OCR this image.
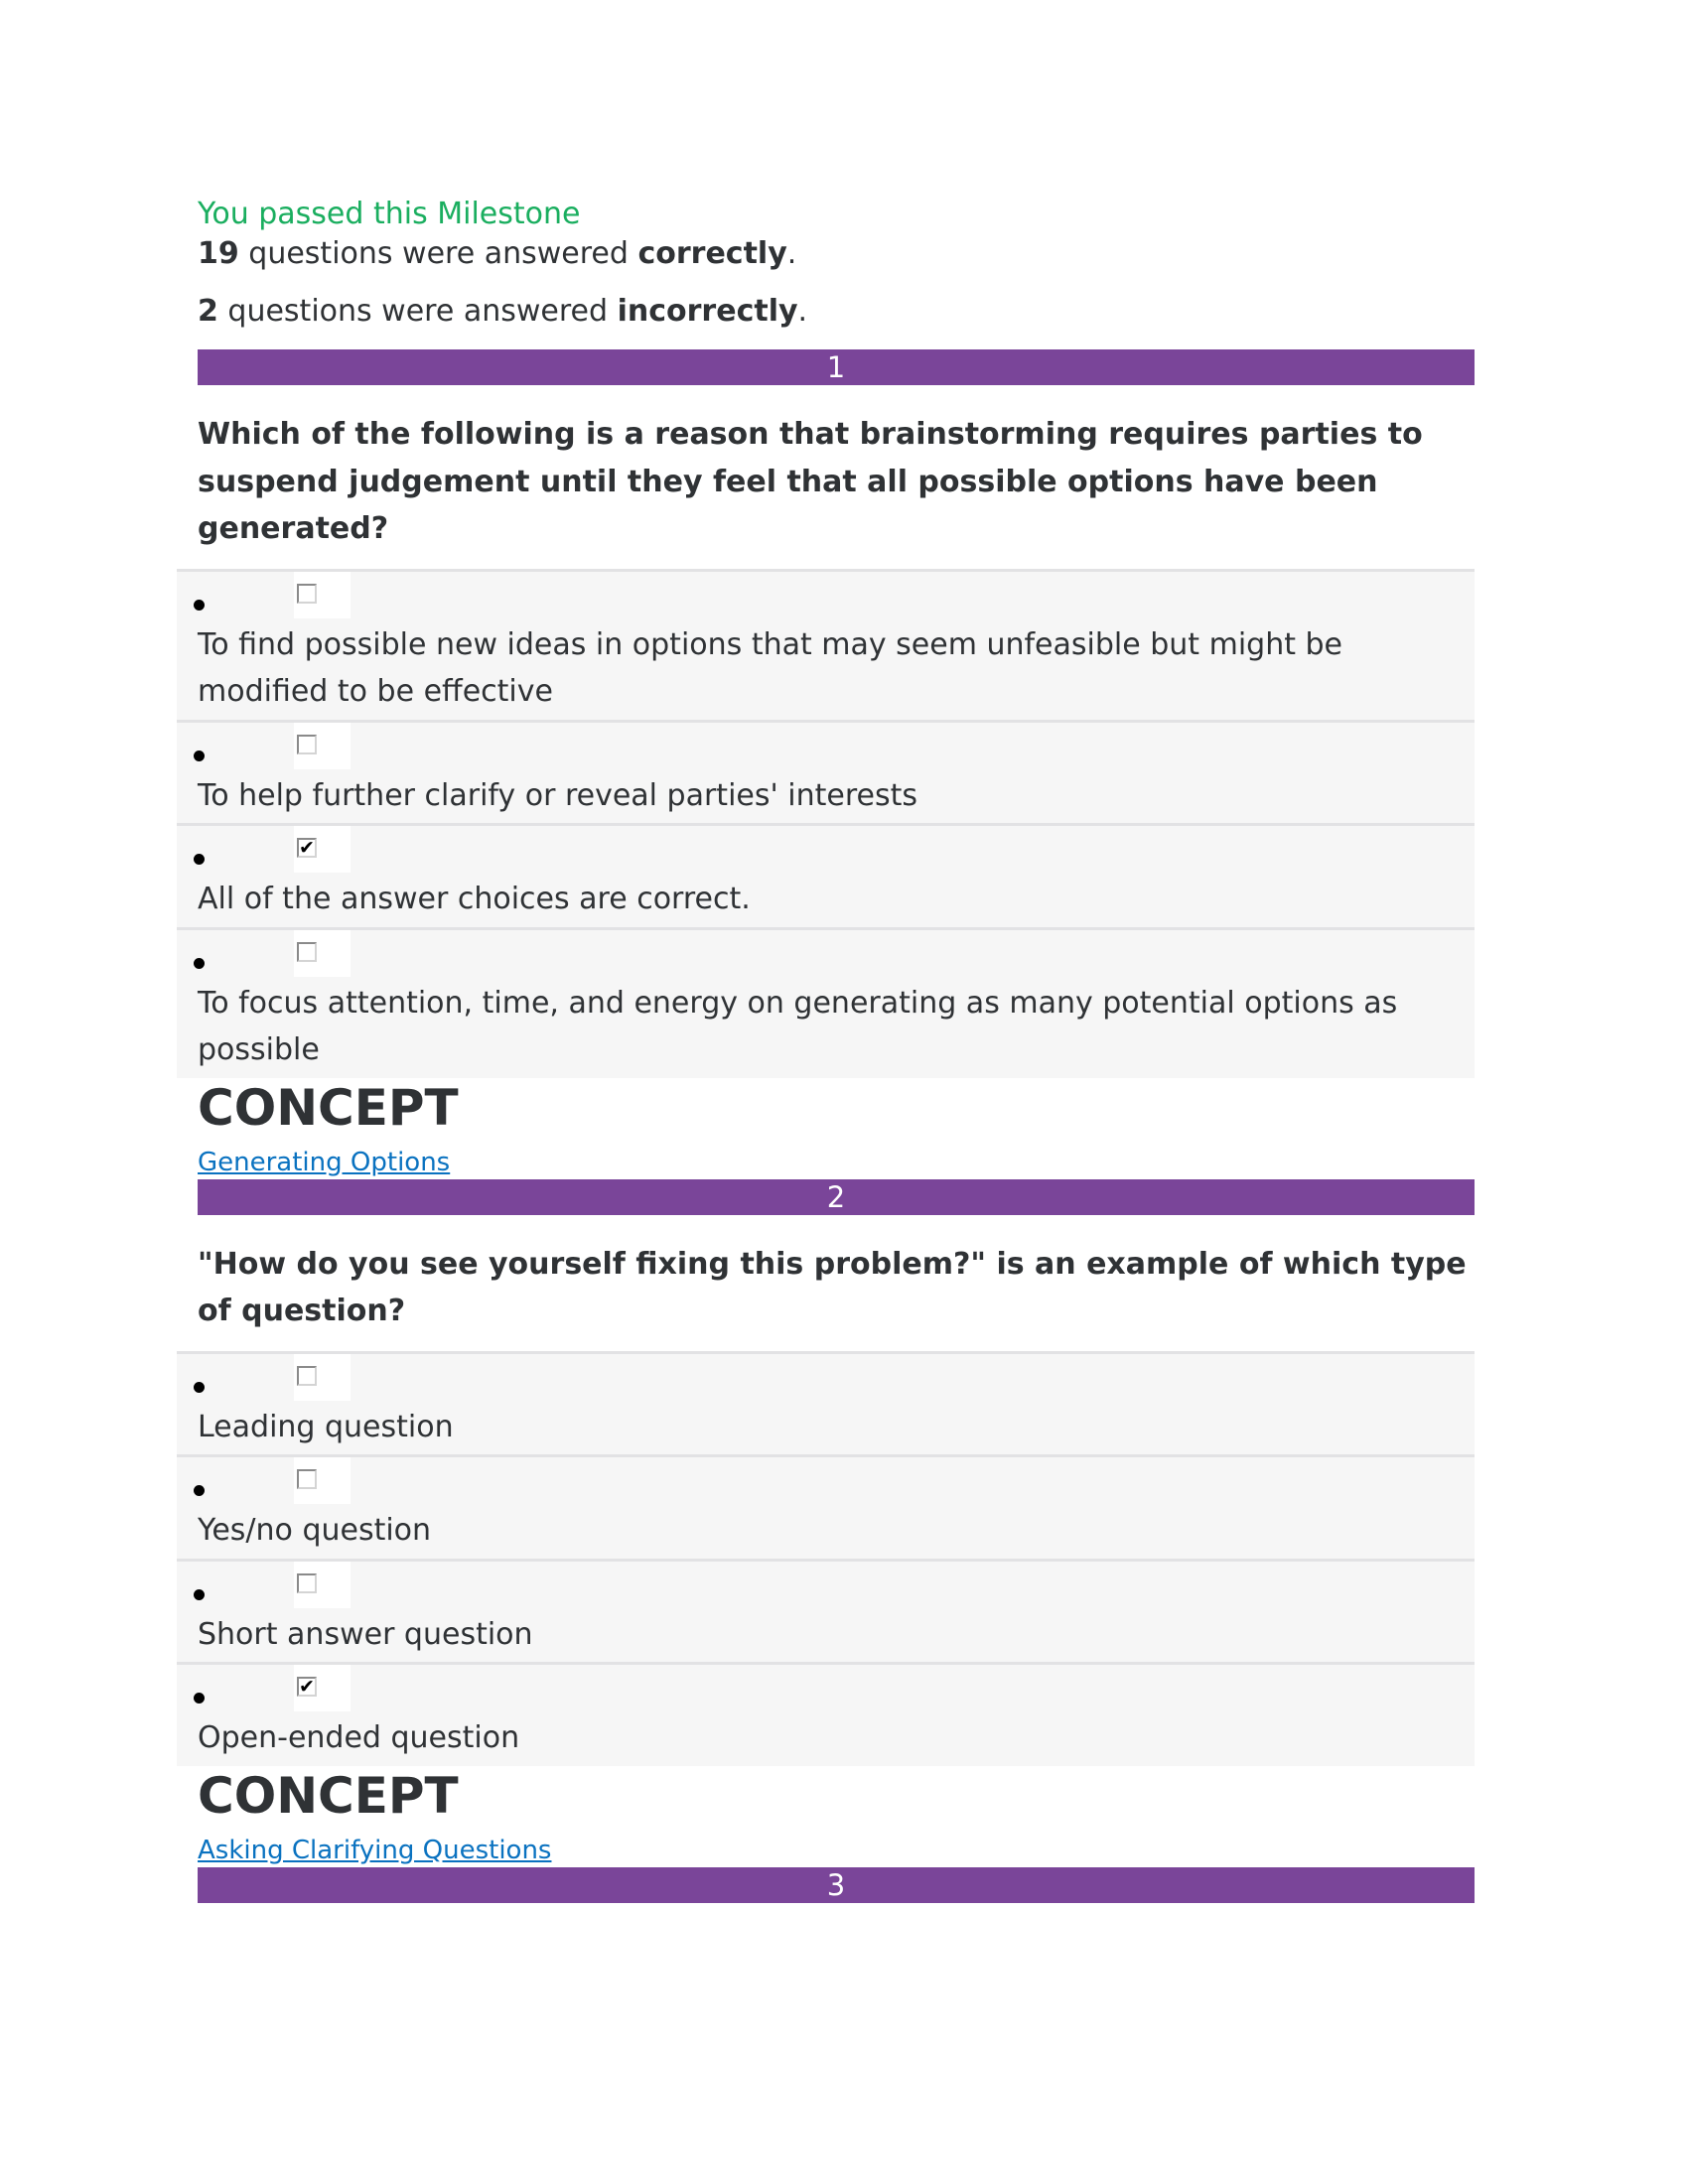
You passed this Milestone

19 questions were answered correctly.

2 questions were answered incorrectly.

1
Which of the following is a reason that brainstorming requires parties to suspend judgement until they feel that all possible options have been generated?
To find possible new ideas in options that may seem unfeasible but might be modified to be effective
To help further clarify or reveal parties' interests
✔
All of the answer choices are correct.
To focus attention, time, and energy on generating as many potential options as possible
CONCEPT
Generating Options
2
"How do you see yourself fixing this problem?" is an example of which type of question?
Leading question
Yes/no question
Short answer question
✔
Open-ended question
CONCEPT
Asking Clarifying Questions
3
